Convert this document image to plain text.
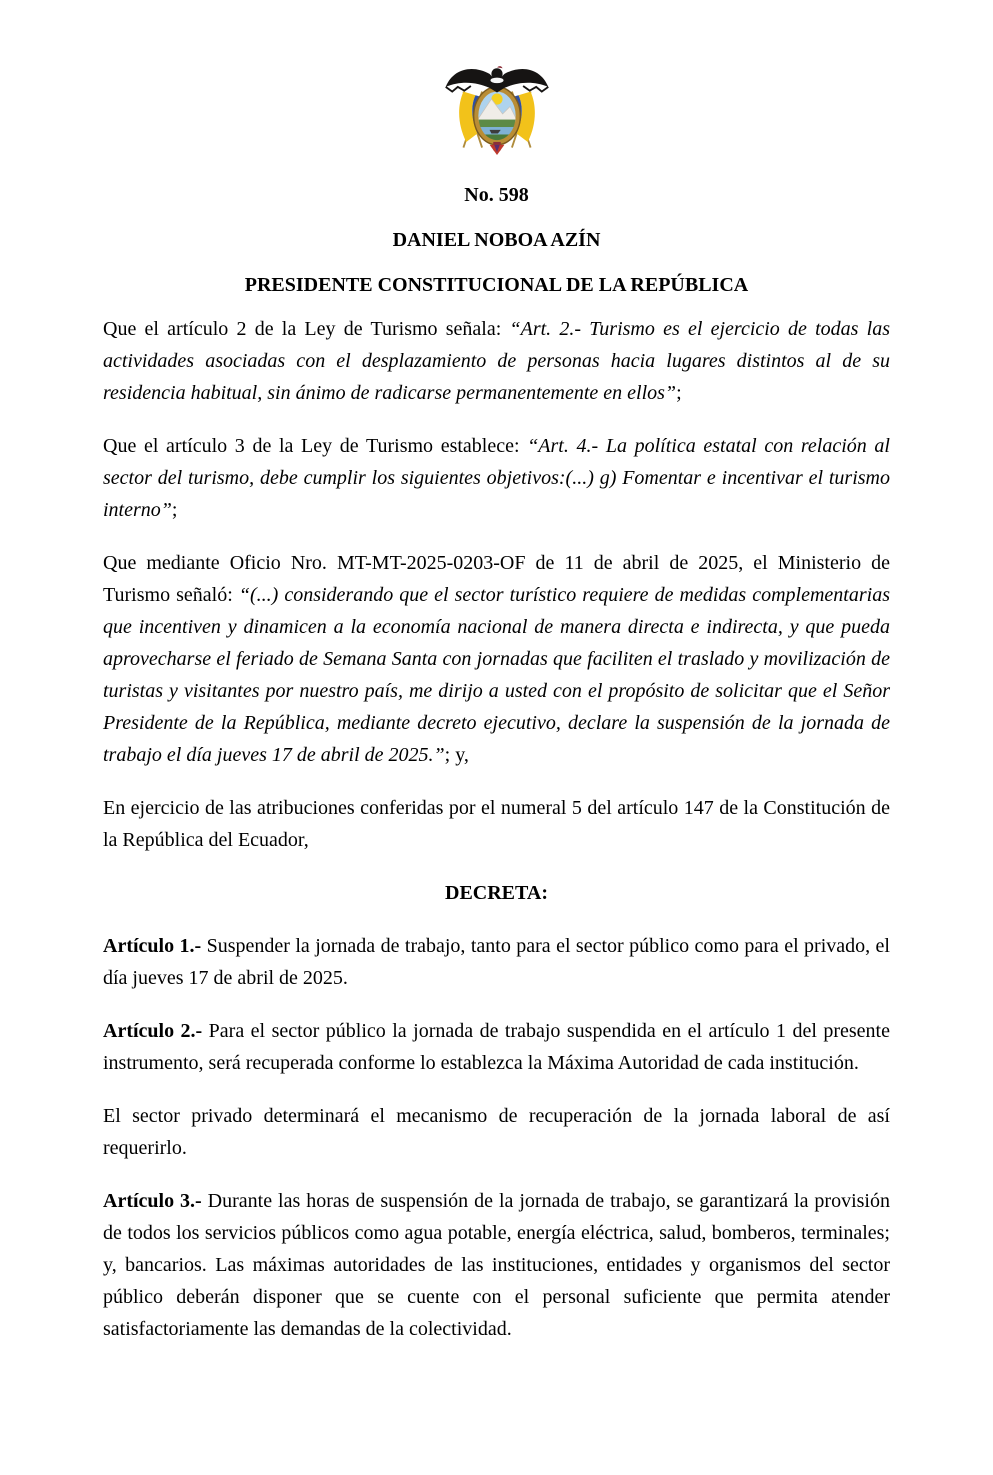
No. 598

DANIEL NOBOA AZÍN

PRESIDENTE CONSTITUCIONAL DE LA REPÚBLICA

Que el artículo 2 de la Ley de Turismo señala: “Art. 2.- Turismo es el ejercicio de todas las actividades asociadas con el desplazamiento de personas hacia lugares distintos al de su residencia habitual, sin ánimo de radicarse permanentemente en ellos”;

Que el artículo 3 de la Ley de Turismo establece: “Art. 4.- La política estatal con relación al sector del turismo, debe cumplir los siguientes objetivos:(...) g) Fomentar e incentivar el turismo interno”;

Que mediante Oficio Nro. MT-MT-2025-0203-OF de 11 de abril de 2025, el Ministerio de Turismo señaló: “(...) considerando que el sector turístico requiere de medidas complementarias que incentiven y dinamicen a la economía nacional de manera directa e indirecta, y que pueda aprovecharse el feriado de Semana Santa con jornadas que faciliten el traslado y movilización de turistas y visitantes por nuestro país, me dirijo a usted con el propósito de solicitar que el Señor Presidente de la República, mediante decreto ejecutivo, declare la suspensión de la jornada de trabajo el día jueves 17 de abril de 2025.”; y,

En ejercicio de las atribuciones conferidas por el numeral 5 del artículo 147 de la Constitución de la República del Ecuador,

DECRETA:

Artículo 1.- Suspender la jornada de trabajo, tanto para el sector público como para el privado, el día jueves 17 de abril de 2025.

Artículo 2.- Para el sector público la jornada de trabajo suspendida en el artículo 1 del presente instrumento, será recuperada conforme lo establezca la Máxima Autoridad de cada institución.

El sector privado determinará el mecanismo de recuperación de la jornada laboral de así requerirlo.

Artículo 3.- Durante las horas de suspensión de la jornada de trabajo, se garantizará la provisión de todos los servicios públicos como agua potable, energía eléctrica, salud, bomberos, terminales; y, bancarios. Las máximas autoridades de las instituciones, entidades y organismos del sector público deberán disponer que se cuente con el personal suficiente que permita atender satisfactoriamente las demandas de la colectividad.
